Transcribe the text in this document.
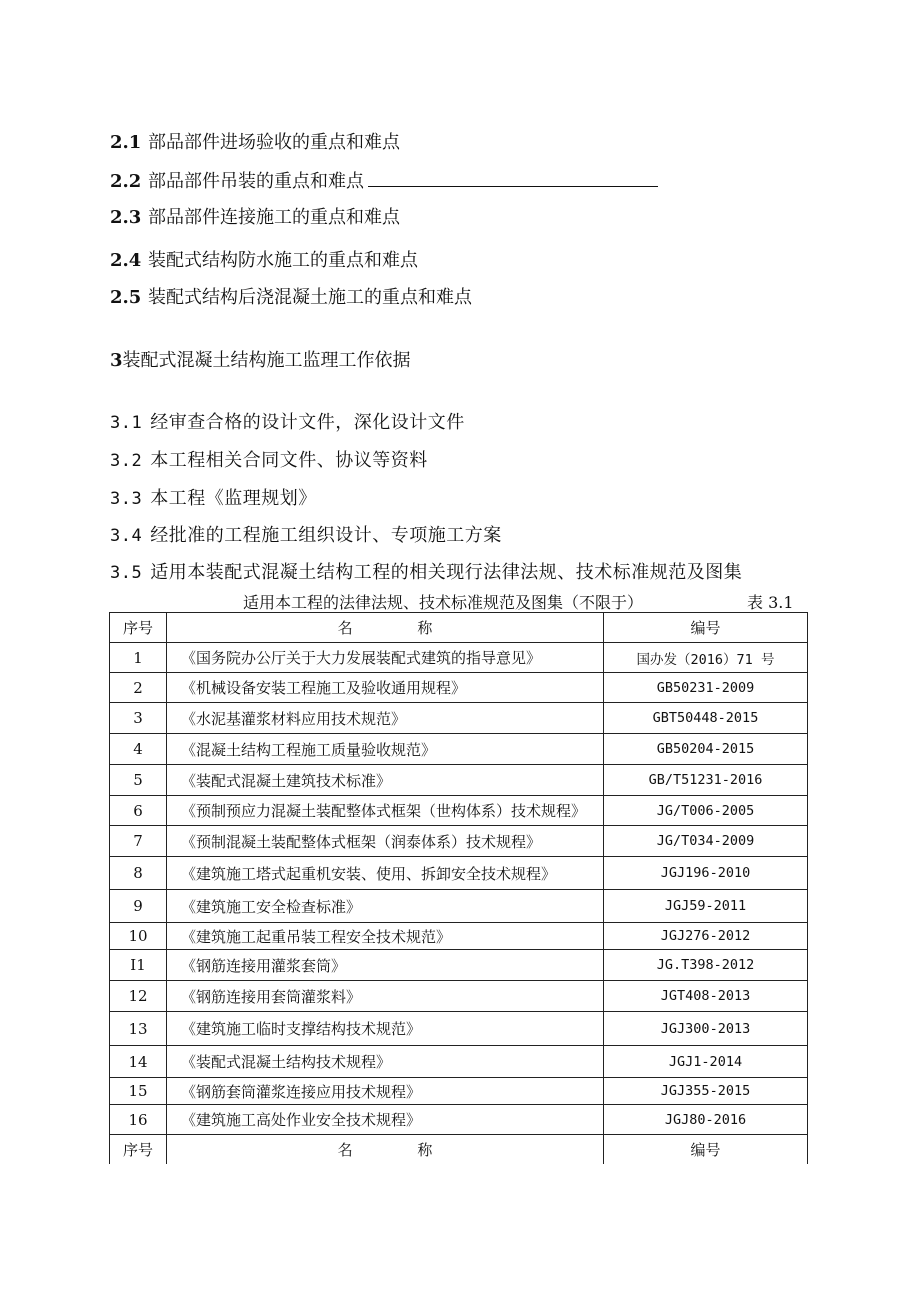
2.1 部品部件进场验收的重点和难点
2.2 部品部件吊装的重点和难点
2.3 部品部件连接施工的重点和难点
2.4 装配式结构防水施工的重点和难点
2.5 装配式结构后浇混凝土施工的重点和难点
3装配式混凝土结构施工监理工作依据
3.1 经审查合格的设计文件，深化设计文件
3.2 本工程相关合同文件、协议等资料
3.3 本工程《监理规划》
3.4 经批准的工程施工组织设计、专项施工方案
3.5 适用本装配式混凝土结构工程的相关现行法律法规、技术标准规范及图集
适用本工程的法律法规、技术标准规范及图集（不限于）	表 3.1
序号	名 称	编号
1	《国务院办公厅关于大力发展装配式建筑的指导意见》	国办发（2016）71 号
2	《机械设备安装工程施工及验收通用规程》	GB50231-2009
3	《水泥基灌浆材料应用技术规范》	GBT50448-2015
4	《混凝土结构工程施工质量验收规范》	GB50204-2015
5	《装配式混凝土建筑技术标准》	GB/T51231-2016
6	《预制预应力混凝土装配整体式框架（世构体系）技术规程》	JG/T006-2005
7	《预制混凝土装配整体式框架（润泰体系）技术规程》	JG/T034-2009
8	《建筑施工塔式起重机安装、使用、拆卸安全技术规程》	JGJ196-2010
9	《建筑施工安全检查标准》	JGJ59-2011
10	《建筑施工起重吊装工程安全技术规范》	JGJ276-2012
I1	《钢筋连接用灌浆套筒》	JG.T398-2012
12	《钢筋连接用套筒灌浆料》	JGT408-2013
13	《建筑施工临时支撑结构技术规范》	JGJ300-2013
14	《装配式混凝土结构技术规程》	JGJ1-2014
15	《钢筋套筒灌浆连接应用技术规程》	JGJ355-2015
16	《建筑施工高处作业安全技术规程》	JGJ80-2016
序号	名 称	编号
